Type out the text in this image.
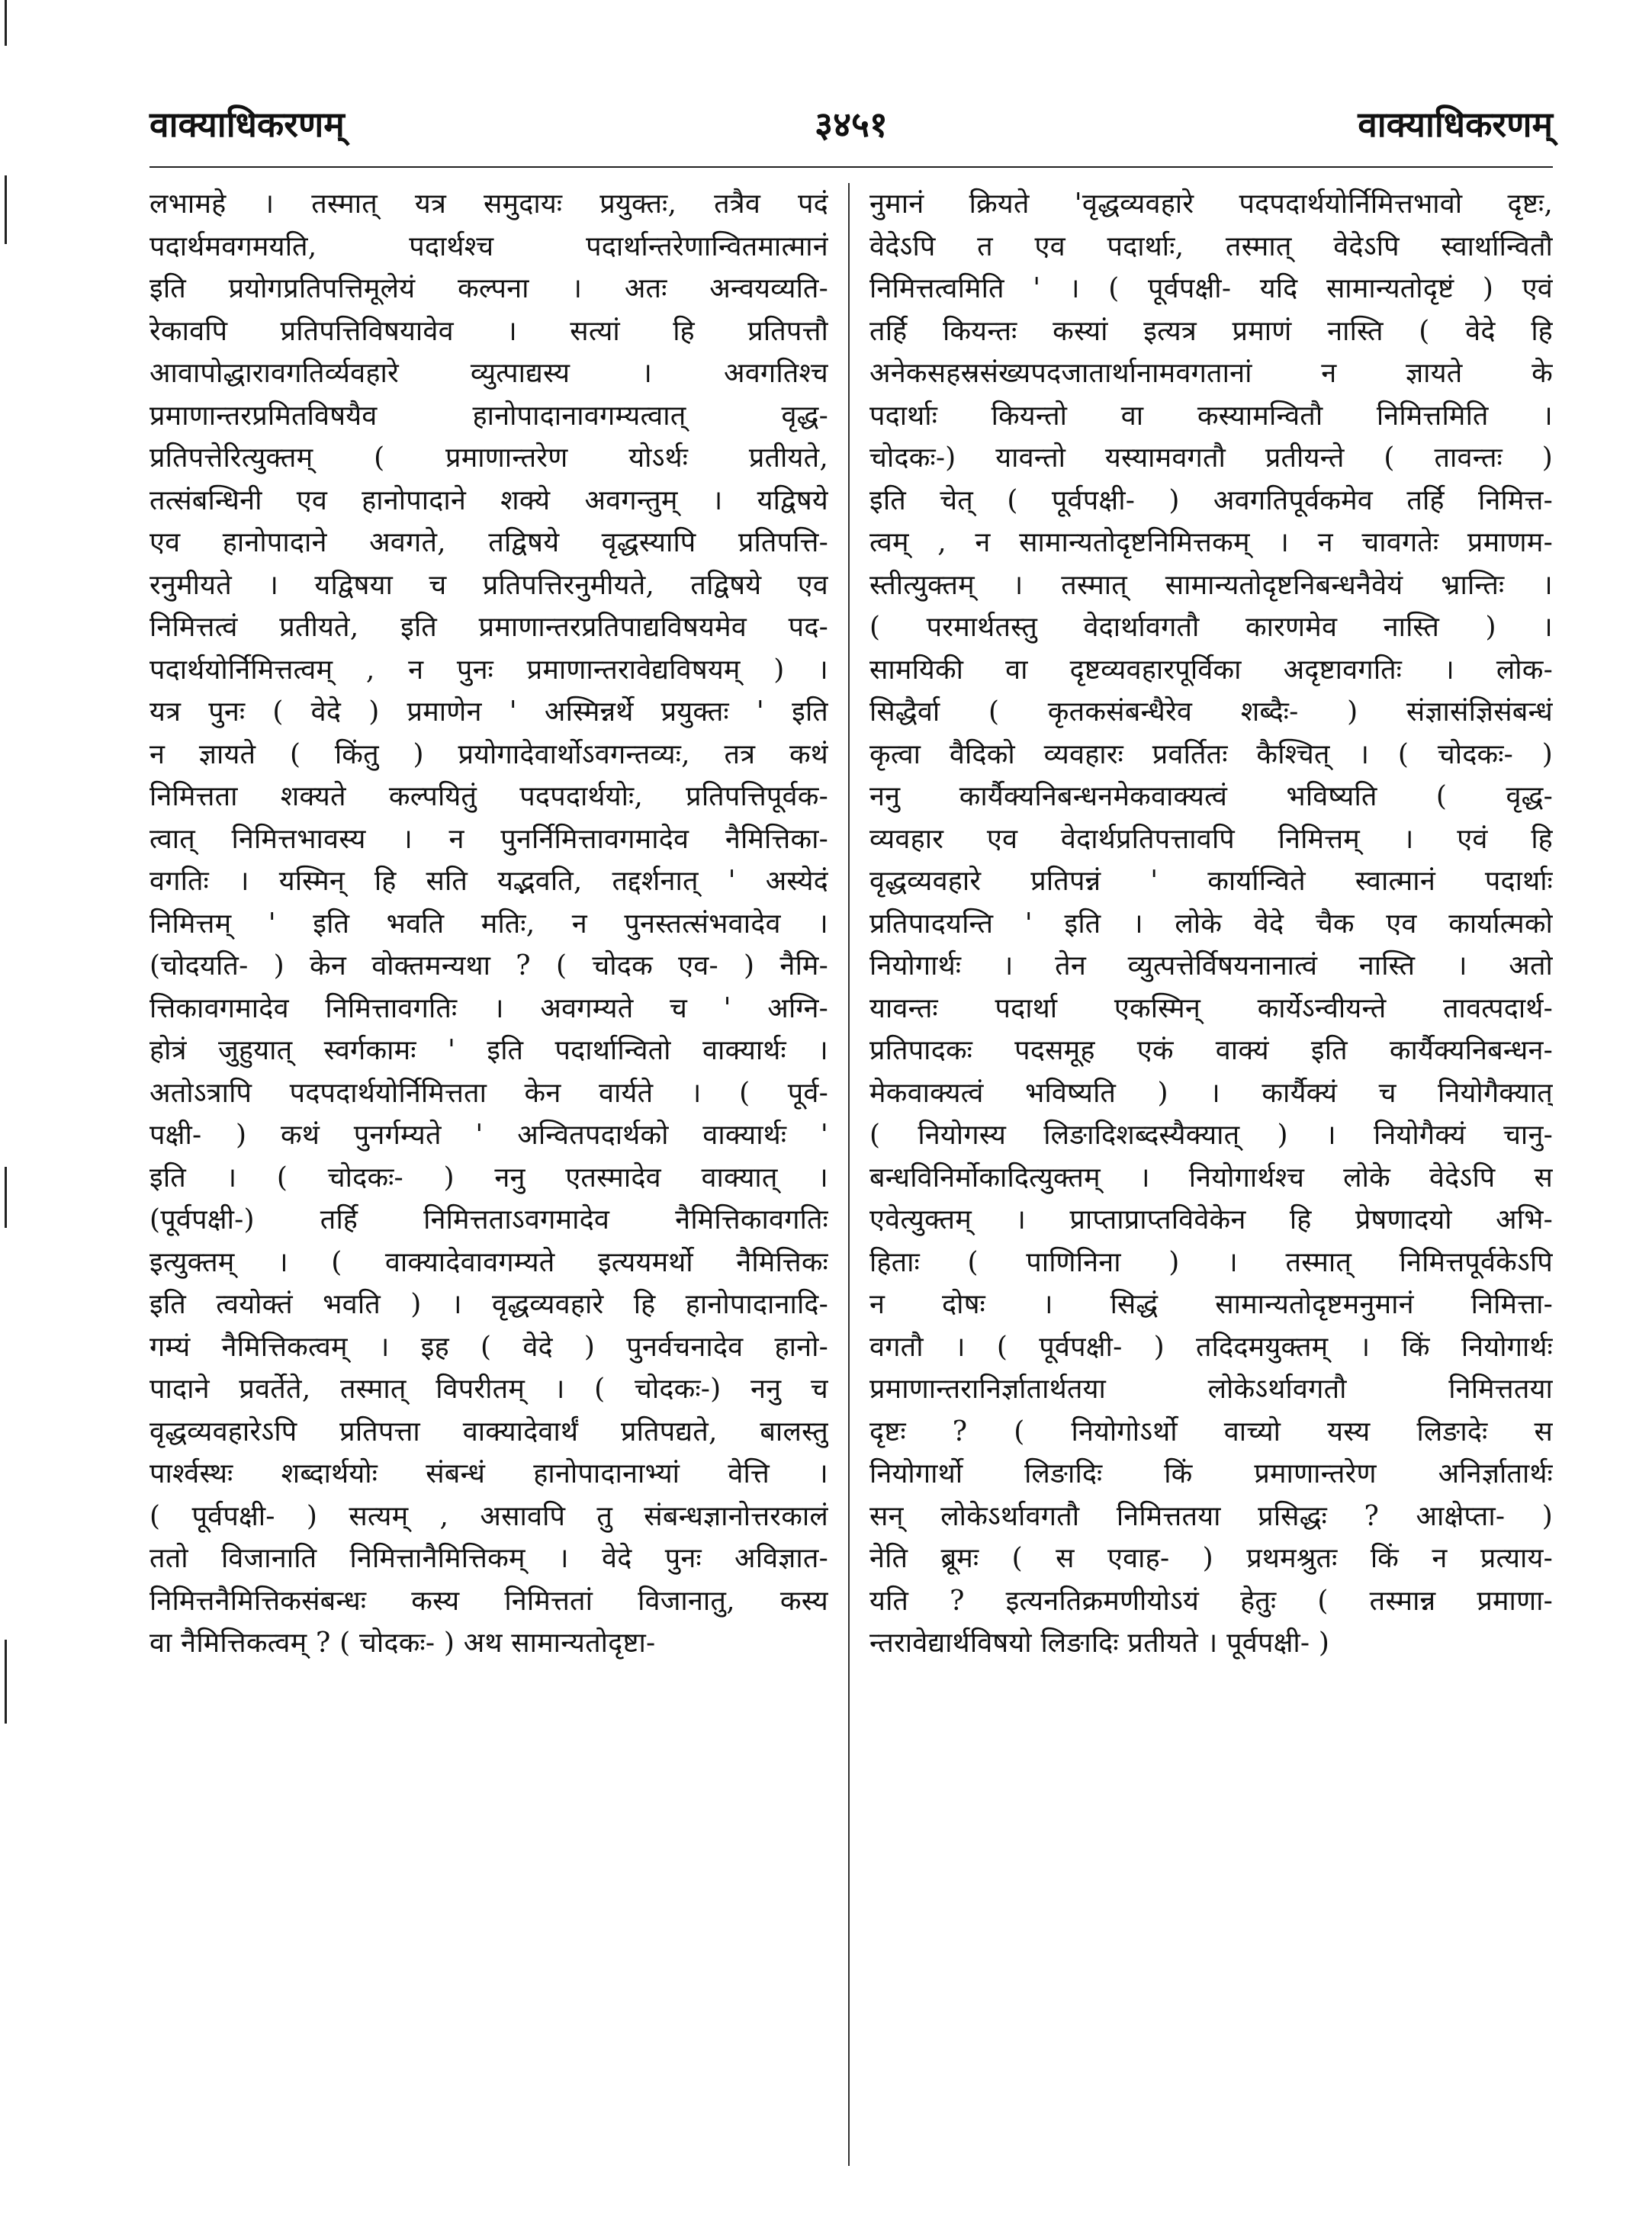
वाक्याधिकरणम्	३४५१	वाक्याधिकरणम्
लभामहे । तस्मात् यत्र समुदायः प्रयुक्तः, तत्रैव पदं
पदार्थमवगमयति, पदार्थश्च पदार्थान्तरेणान्वितमात्मानं
इति प्रयोगप्रतिपत्तिमूलेयं कल्पना । अतः अन्वयव्यति-
रेकावपि प्रतिपत्तिविषयावेव । सत्यां हि प्रतिपत्तौ
आवापोद्धारावगतिर्व्यवहारे व्युत्पाद्यस्य । अवगतिश्च
प्रमाणान्तरप्रमितविषयैव हानोपादानावगम्यत्वात् वृद्ध-
प्रतिपत्तेरित्युक्तम् ( प्रमाणान्तरेण योऽर्थः प्रतीयते,
तत्संबन्धिनी एव हानोपादाने शक्ये अवगन्तुम् । यद्विषये
एव हानोपादाने अवगते, तद्विषये वृद्धस्यापि प्रतिपत्ति-
रनुमीयते । यद्विषया च प्रतिपत्तिरनुमीयते, तद्विषये एव
निमित्तत्वं प्रतीयते, इति प्रमाणान्तरप्रतिपाद्यविषयमेव पद-
पदार्थयोर्निमित्तत्वम् , न पुनः प्रमाणान्तरावेद्यविषयम् ) ।
यत्र पुनः ( वेदे ) प्रमाणेन ' अस्मिन्नर्थे प्रयुक्तः ' इति
न ज्ञायते ( किंतु ) प्रयोगादेवार्थोऽवगन्तव्यः, तत्र कथं
निमित्तता शक्यते कल्पयितुं पदपदार्थयोः, प्रतिपत्तिपूर्वक-
त्वात् निमित्तभावस्य । न पुनर्निमित्तावगमादेव नैमित्तिका-
वगतिः । यस्मिन् हि सति यद्भवति, तद्दर्शनात् ' अस्येदं
निमित्तम् ' इति भवति मतिः, न पुनस्तत्संभवादेव ।
(चोदयति- ) केन वोक्तमन्यथा ? ( चोदक एव- ) नैमि-
त्तिकावगमादेव निमित्तावगतिः । अवगम्यते च ' अग्नि-
होत्रं जुहुयात् स्वर्गकामः ' इति पदार्थान्वितो वाक्यार्थः ।
अतोऽत्रापि पदपदार्थयोर्निमित्तता केन वार्यते । ( पूर्व-
पक्षी- ) कथं पुनर्गम्यते ' अन्वितपदार्थको वाक्यार्थः '
इति । ( चोदकः- ) ननु एतस्मादेव वाक्यात् ।
(पूर्वपक्षी-) तर्हि निमित्तताऽवगमादेव नैमित्तिकावगतिः
इत्युक्तम् । ( वाक्यादेवावगम्यते इत्ययमर्थो नैमित्तिकः
इति त्वयोक्तं भवति ) । वृद्धव्यवहारे हि हानोपादानादि-
गम्यं नैमित्तिकत्वम् । इह ( वेदे ) पुनर्वचनादेव हानो-
पादाने प्रवर्तेते, तस्मात् विपरीतम् । ( चोदकः-) ननु च
वृद्धव्यवहारेऽपि प्रतिपत्ता वाक्यादेवार्थं प्रतिपद्यते, बालस्तु
पार्श्वस्थः शब्दार्थयोः संबन्धं हानोपादानाभ्यां वेत्ति ।
( पूर्वपक्षी- ) सत्यम् , असावपि तु संबन्धज्ञानोत्तरकालं
ततो विजानाति निमित्तानैमित्तिकम् । वेदे पुनः अविज्ञात-
निमित्तनैमित्तिकसंबन्धः कस्य निमित्ततां विजानातु, कस्य
वा नैमित्तिकत्वम् ? ( चोदकः- ) अथ सामान्यतोदृष्टा-
नुमानं क्रियते 'वृद्धव्यवहारे पदपदार्थयोर्निमित्तभावो दृष्टः,
वेदेऽपि त एव पदार्थाः, तस्मात् वेदेऽपि स्वार्थान्वितौ
निमित्तत्वमिति ' । ( पूर्वपक्षी- यदि सामान्यतोदृष्टं ) एवं
तर्हि कियन्तः कस्यां इत्यत्र प्रमाणं नास्ति ( वेदे हि
अनेकसहस्रसंख्यपदजातार्थानामवगतानां न ज्ञायते के
पदार्थाः कियन्तो वा कस्यामन्वितौ निमित्तमिति ।
चोदकः-) यावन्तो यस्यामवगतौ प्रतीयन्ते ( तावन्तः )
इति चेत् ( पूर्वपक्षी- ) अवगतिपूर्वकमेव तर्हि निमित्त-
त्वम् , न सामान्यतोदृष्टनिमित्तकम् । न चावगतेः प्रमाणम-
स्तीत्युक्तम् । तस्मात् सामान्यतोदृष्टनिबन्धनैवेयं भ्रान्तिः ।
( परमार्थतस्तु वेदार्थावगतौ कारणमेव नास्ति ) ।
सामयिकी वा दृष्टव्यवहारपूर्विका अदृष्टावगतिः । लोक-
सिद्धैर्वा ( कृतकसंबन्धैरेव शब्दैः- ) संज्ञासंज्ञिसंबन्धं
कृत्वा वैदिको व्यवहारः प्रवर्तितः कैश्चित् । ( चोदकः- )
ननु कार्यैक्यनिबन्धनमेकवाक्यत्वं भविष्यति ( वृद्ध-
व्यवहार एव वेदार्थप्रतिपत्तावपि निमित्तम् । एवं हि
वृद्धव्यवहारे प्रतिपन्नं ' कार्यान्विते स्वात्मानं पदार्थाः
प्रतिपादयन्ति ' इति । लोके वेदे चैक एव कार्यात्मको
नियोगार्थः । तेन व्युत्पत्तेर्विषयनानात्वं नास्ति । अतो
यावन्तः पदार्था एकस्मिन् कार्येऽन्वीयन्ते तावत्पदार्थ-
प्रतिपादकः पदसमूह एकं वाक्यं इति कार्यैक्यनिबन्धन-
मेकवाक्यत्वं भविष्यति ) । कार्यैक्यं च नियोगैक्यात्
( नियोगस्य लिङादिशब्दस्यैक्यात् ) । नियोगैक्यं चानु-
बन्धविनिर्मोकादित्युक्तम् । नियोगार्थश्च लोके वेदेऽपि स
एवेत्युक्तम् । प्राप्ताप्राप्तविवेकेन हि प्रेषणादयो अभि-
हिताः ( पाणिनिना ) । तस्मात् निमित्तपूर्वकेऽपि
न दोषः । सिद्धं सामान्यतोदृष्टमनुमानं निमित्ता-
वगतौ । ( पूर्वपक्षी- ) तदिदमयुक्तम् । किं नियोगार्थः
प्रमाणान्तरानिर्ज्ञातार्थतया लोकेऽर्थावगतौ निमित्ततया
दृष्टः ? ( नियोगोऽर्थो वाच्यो यस्य लिङादेः स
नियोगार्थो लिङादिः किं प्रमाणान्तरेण अनिर्ज्ञातार्थः
सन् लोकेऽर्थावगतौ निमित्ततया प्रसिद्धः ? आक्षेप्ता- )
नेति ब्रूमः ( स एवाह- ) प्रथमश्रुतः किं न प्रत्याय-
यति ? इत्यनतिक्रमणीयोऽयं हेतुः ( तस्मान्न प्रमाणा-
न्तरावेद्यार्थविषयो लिङादिः प्रतीयते । पूर्वपक्षी- )
